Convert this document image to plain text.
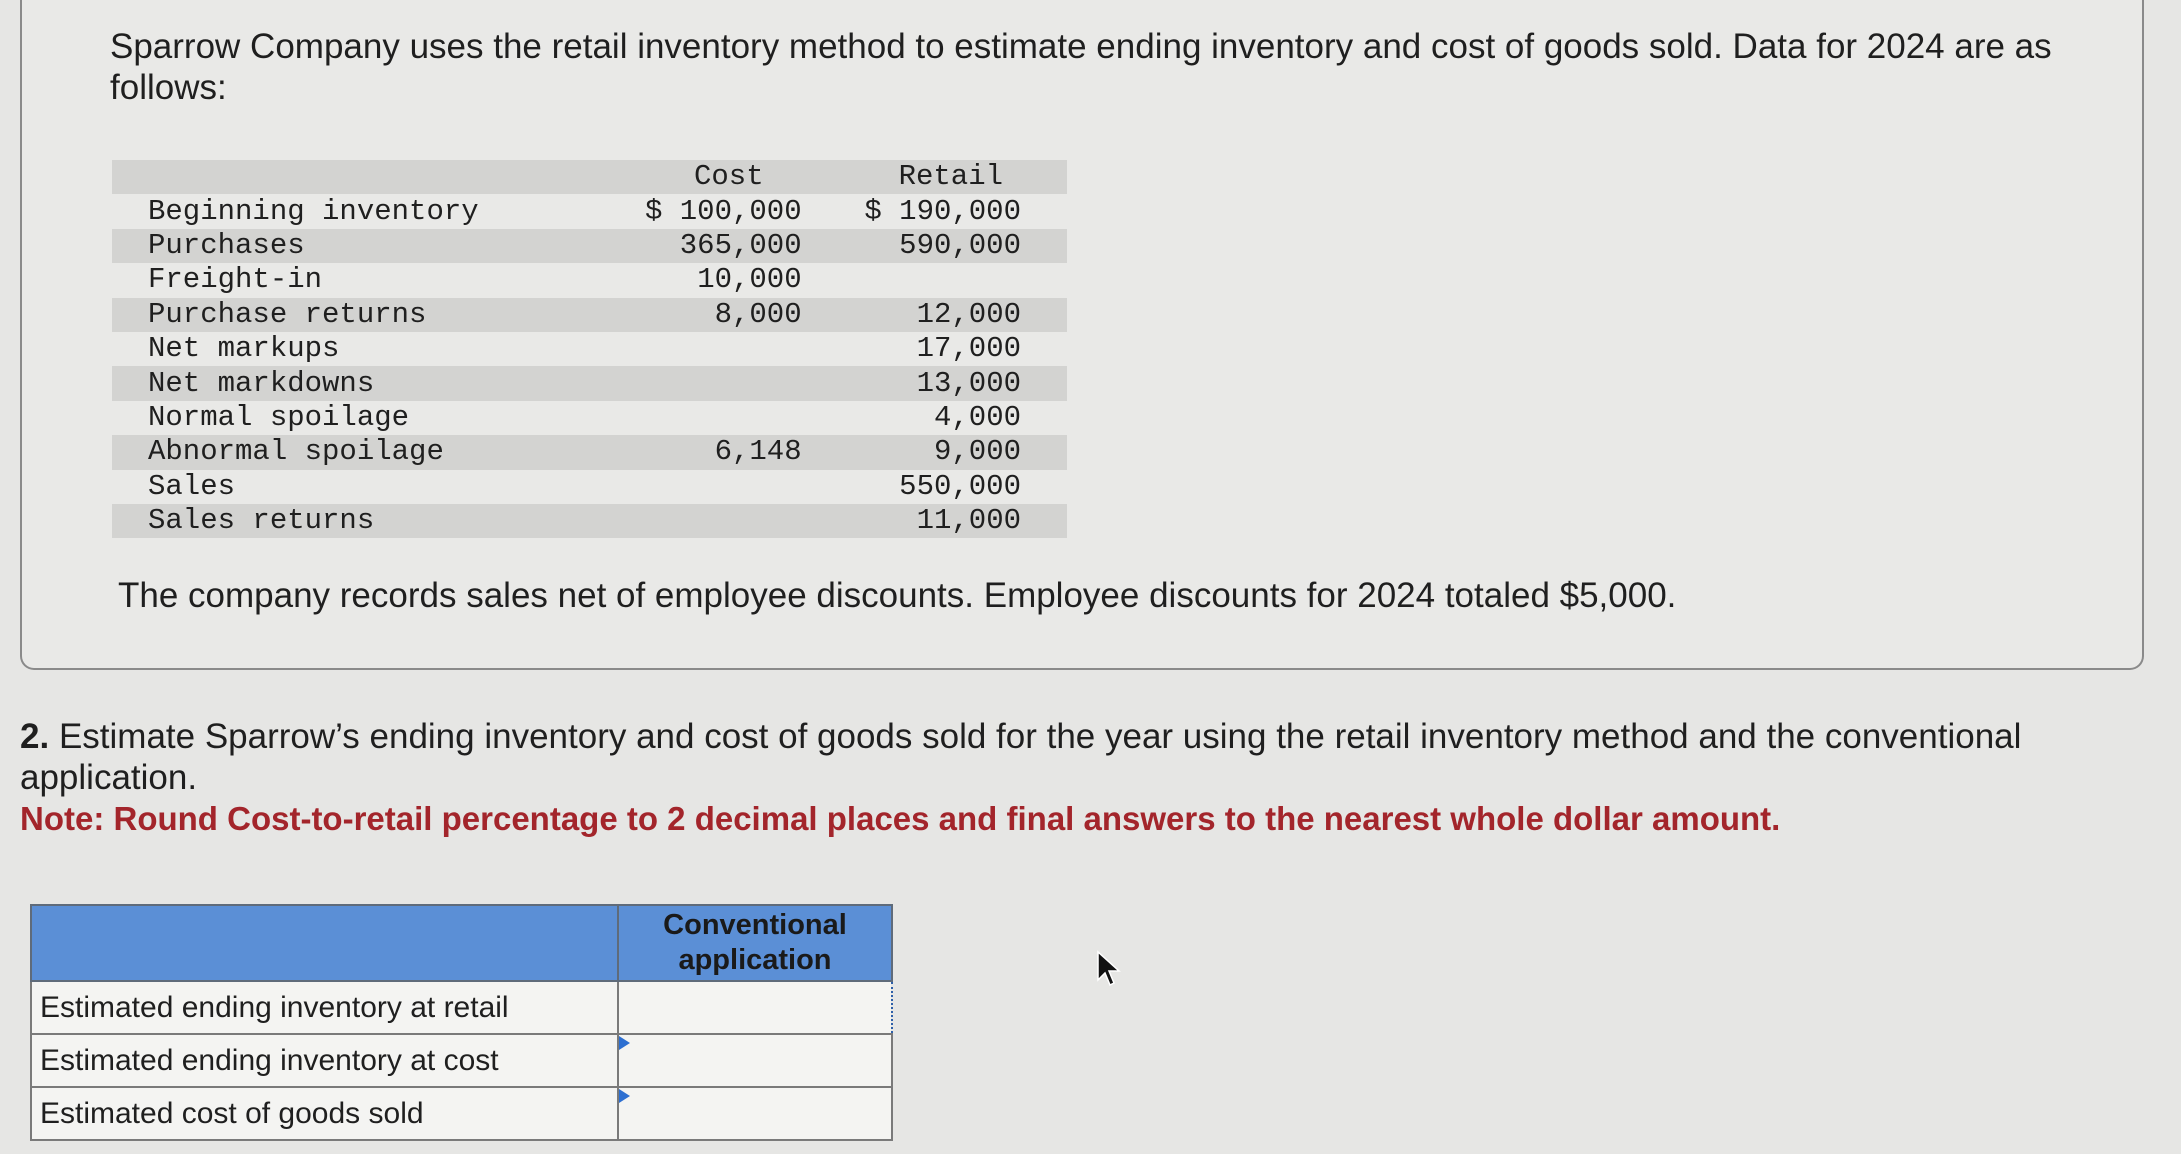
Sparrow Company uses the retail inventory method to estimate ending inventory and cost of goods sold. Data for 2024 are as follows:
	Cost		Retail
Beginning inventory	$ 100,000		$ 190,000
Purchases	365,000		590,000
Freight-in	10,000		
Purchase returns	8,000		12,000
Net markups			17,000
Net markdowns			13,000
Normal spoilage			4,000
Abnormal spoilage	6,148		9,000
Sales			550,000
Sales returns			11,000
The company records sales net of employee discounts. Employee discounts for 2024 totaled $5,000.
2. Estimate Sparrow’s ending inventory and cost of goods sold for the year using the retail inventory method and the conventional application.
Note: Round Cost-to-retail percentage to 2 decimal places and final answers to the nearest whole dollar amount.
	Conventional application
Estimated ending inventory at retail	
Estimated ending inventory at cost	

Estimated cost of goods sold	
